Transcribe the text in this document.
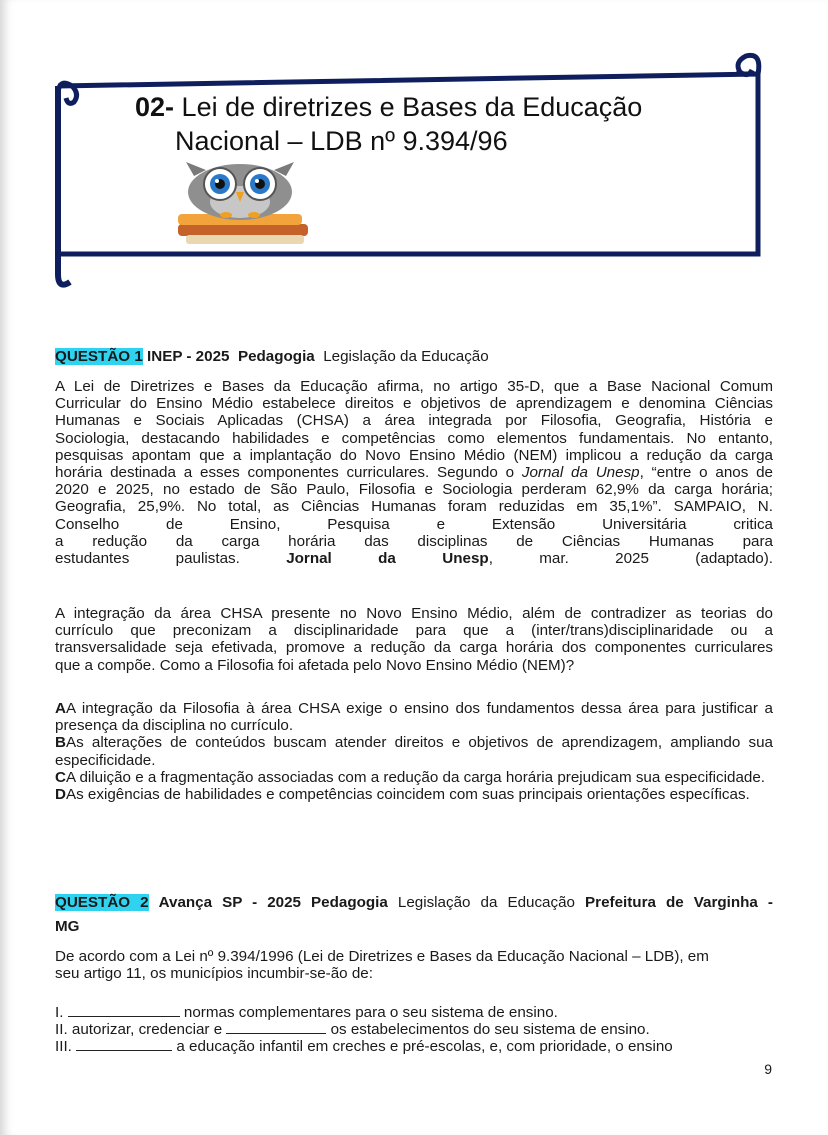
02- Lei de diretrizes e Bases da Educação
Nacional – LDB nº 9.394/96
QUESTÃO 1 INEP - 2025 Pedagogia Legislação da Educação
A Lei de Diretrizes e Bases da Educação afirma, no artigo 35-D, que a Base Nacional Comum
Curricular do Ensino Médio estabelece direitos e objetivos de aprendizagem e denomina Ciências
Humanas e Sociais Aplicadas (CHSA) a área integrada por Filosofia, Geografia, História e
Sociologia, destacando habilidades e competências como elementos fundamentais. No entanto,
pesquisas apontam que a implantação do Novo Ensino Médio (NEM) implicou a redução da carga
horária destinada a esses componentes curriculares. Segundo o Jornal da Unesp, “entre o anos de
2020 e 2025, no estado de São Paulo, Filosofia e Sociologia perderam 62,9% da carga horária;
Geografia, 25,9%. No total, as Ciências Humanas foram reduzidas em 35,1%”. SAMPAIO, N.
Conselho de Ensino, Pesquisa e Extensão Universitária critica
a redução da carga horária das disciplinas de Ciências Humanas para
estudantes paulistas. Jornal	da	Unesp, mar. 2025 (adaptado).
A integração da área CHSA presente no Novo Ensino Médio, além de contradizer as teorias do
currículo que preconizam a disciplinaridade para que a (inter/trans)disciplinaridade ou a
transversalidade seja efetivada, promove a redução da carga horária dos componentes curriculares
que a compõe. Como a Filosofia foi afetada pelo Novo Ensino Médio (NEM)?
AA integração da Filosofia à área CHSA exige o ensino dos fundamentos dessa área para justificar a presença da disciplina no currículo.
BAs alterações de conteúdos buscam atender direitos e objetivos de aprendizagem, ampliando sua especificidade.
CA diluição e a fragmentação associadas com a redução da carga horária prejudicam sua especificidade.
DAs exigências de habilidades e competências coincidem com suas principais orientações específicas.
QUESTÃO 2 Avança SP - 2025 Pedagogia Legislação da Educação Prefeitura de Varginha -
MG
De acordo com a Lei nº 9.394/1996 (Lei de Diretrizes e Bases da Educação Nacional – LDB), em
seu artigo 11, os municípios incumbir-se-ão de:
I.	normas complementares para o seu sistema de ensino.
II. autorizar, credenciar e	os estabelecimentos do seu sistema de ensino.
III.	a educação infantil em creches e pré-escolas, e, com prioridade, o ensino
9
